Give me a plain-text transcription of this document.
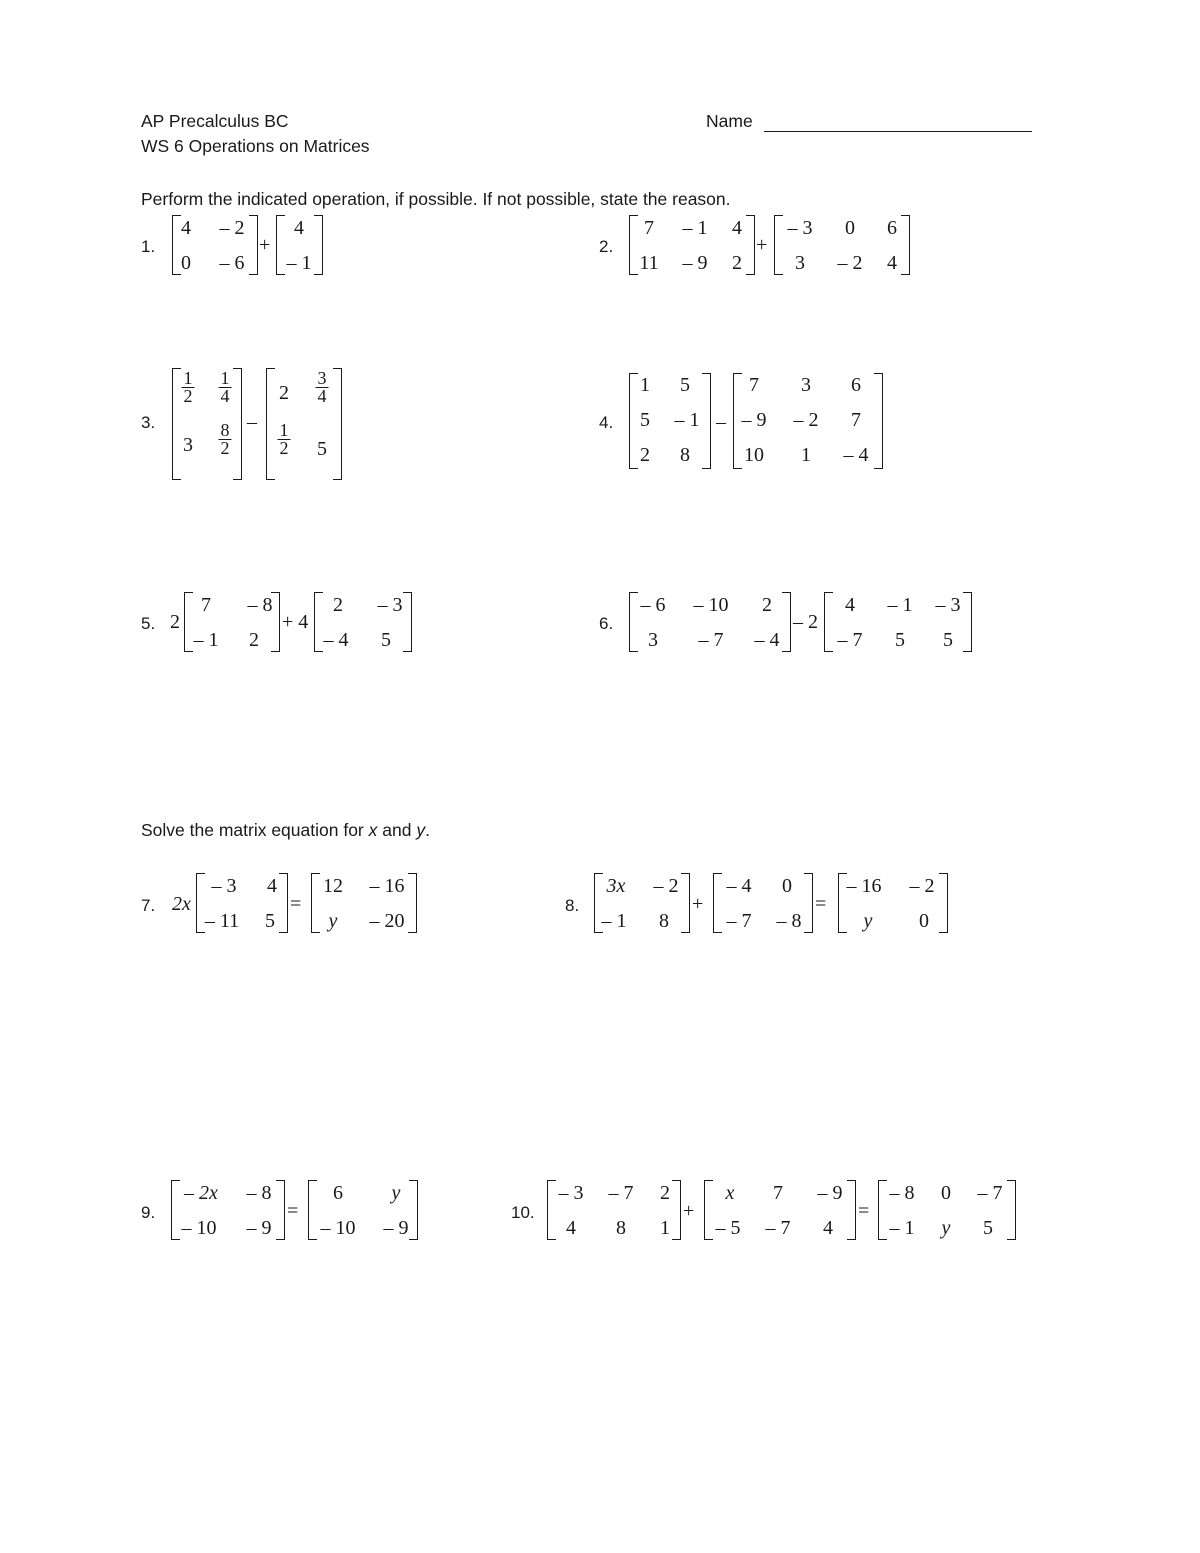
AP Precalculus BC
WS 6 Operations on Matrices
Name
Perform the indicated operation, if possible. If not possible, state the reason.
1.
4 – 2
0 – 6
+
4
– 1
2.
7 – 1 4
11 – 9 2
+
– 3 0 6
3 – 2 4
3.
$\frac{1}{2} \frac{1}{4}$
$3 \frac{8}{2}$ –
$2 \frac{3}{4}$
$\frac{1}{2} 5$
4.
1 5
5 – 1
2 8
–
7 3 6
– 9 – 2 7
10 1 – 4
5. 2
7 – 8
– 1 2
+ 4
2 – 3
– 4 5
6.
– 6 – 10 2
3 – 7 – 4
– 2
4 – 1 – 3
– 7 5 5
Solve the matrix equation for x and y.
7. 2x
– 3 4
– 11 5
=
12 – 16
y – 20
8.
3x – 2
– 1 8
+
– 4 0
– 7 – 8
=
– 16 – 2
y 0
9.
– 2x – 8
– 10 – 9
=
6 y
– 10 – 9
10.
– 3 – 7 2
4 8 1
+
x 7 – 9
– 5 – 7 4
=
– 8 0 – 7
– 1 y 5
